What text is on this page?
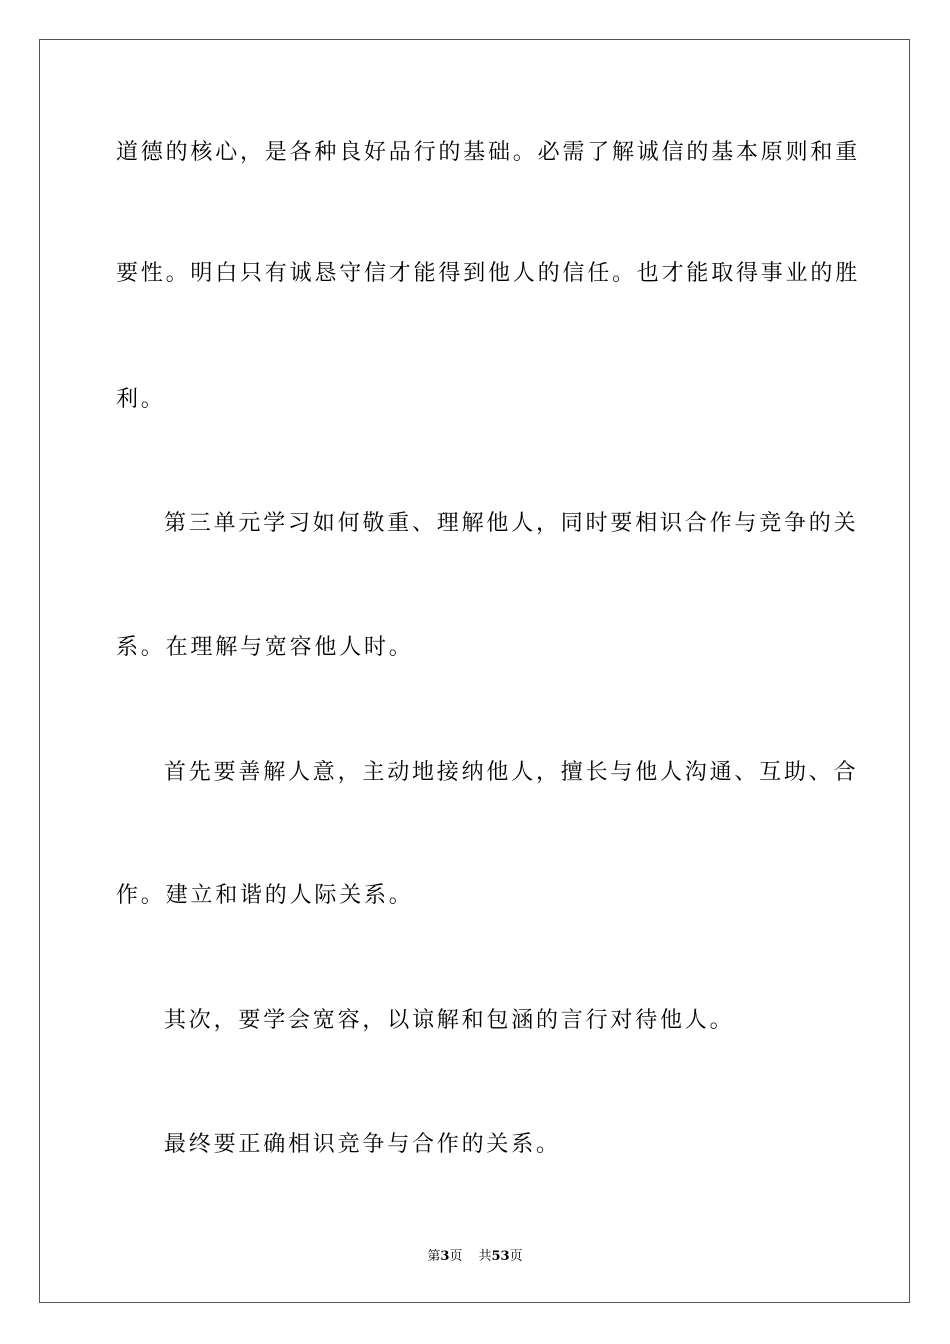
道德的核心，是各种良好品行的基础。必需了解诚信的基本原则和重
要性。明白只有诚恳守信才能得到他人的信任。也才能取得事业的胜
利。
第三单元学习如何敬重、理解他人，同时要相识合作与竞争的关
系。在理解与宽容他人时。
首先要善解人意，主动地接纳他人，擅长与他人沟通、互助、合
作。建立和谐的人际关系。
其次，要学会宽容，以谅解和包涵的言行对待他人。
最终要正确相识竞争与合作的关系。
第3页 共53页
